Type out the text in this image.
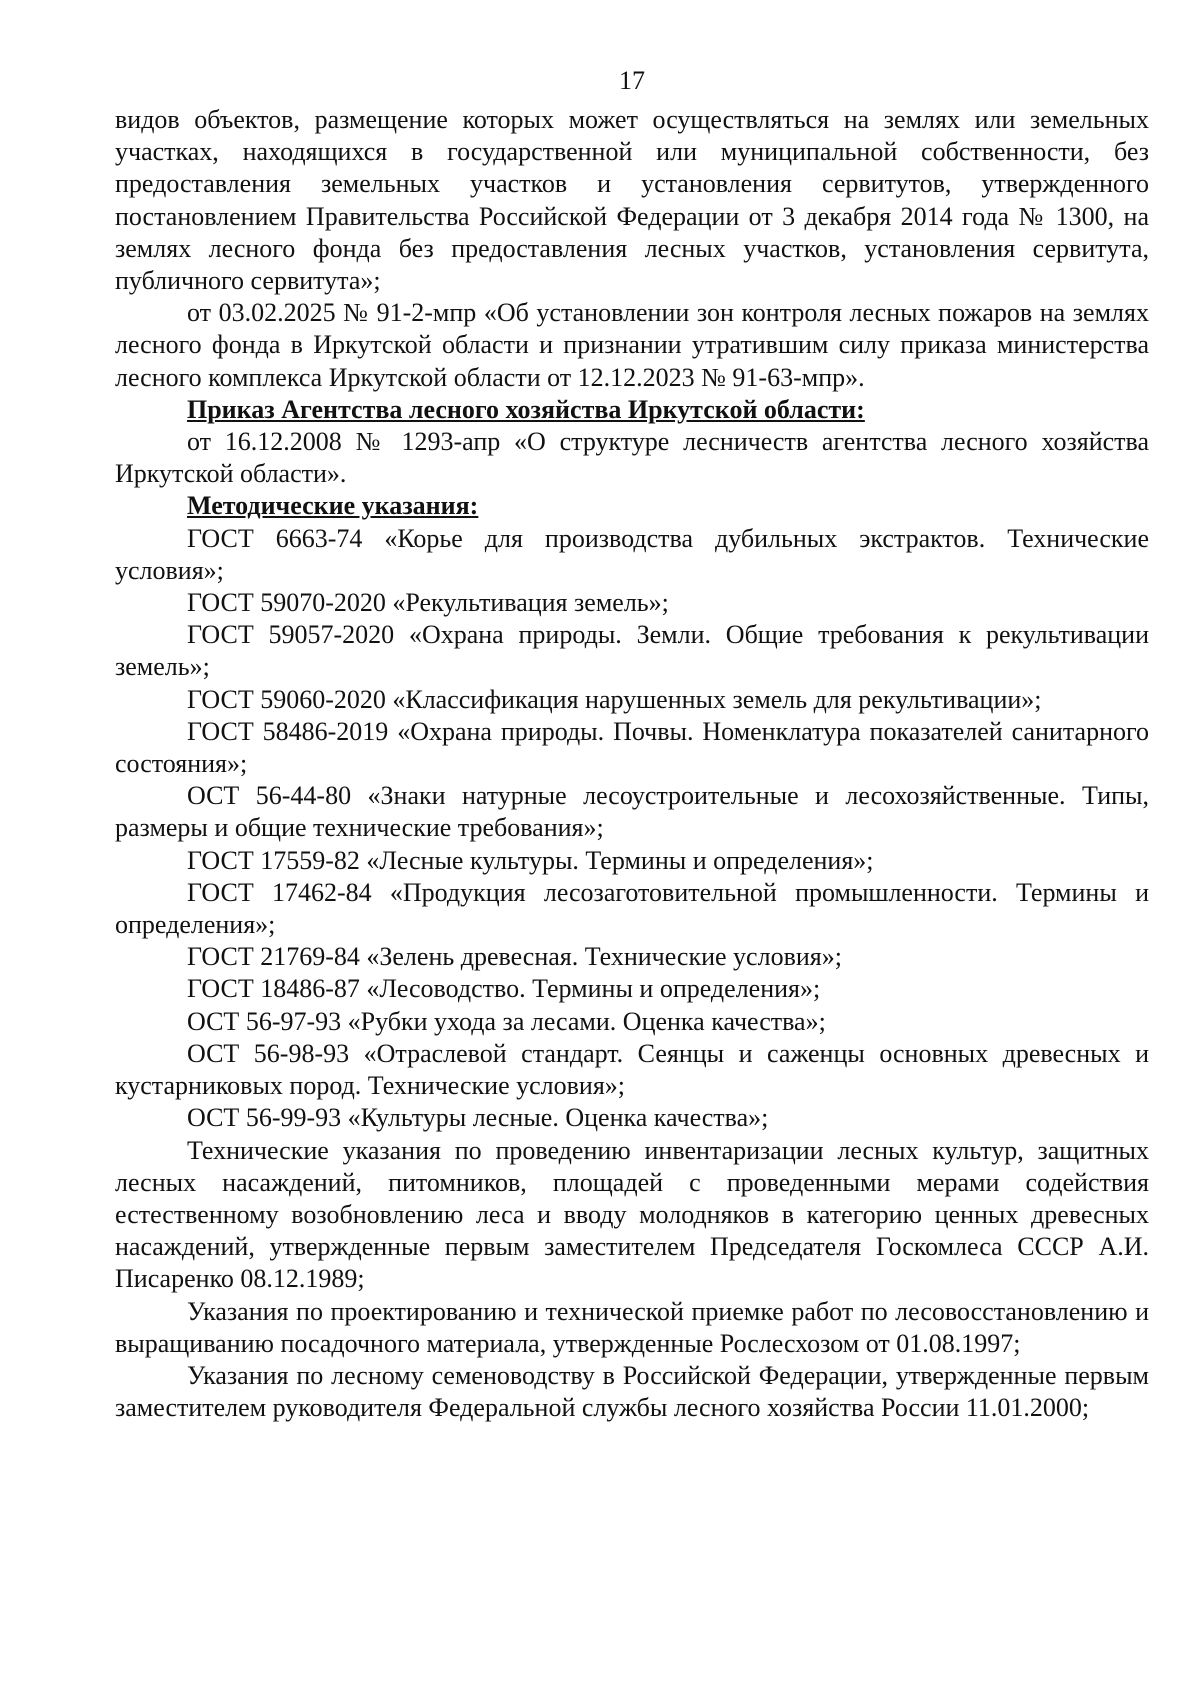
17

видов объектов, размещение которых может осуществляться на землях или земельных участках, находящихся в государственной или муниципальной собственности, без предоставления земельных участков и установления сервитутов, утвержденного постановлением Правительства Российской Федерации от 3 декабря 2014 года № 1300, на землях лесного фонда без предоставления лесных участков, установления сервитута, публичного сервитута»;

от 03.02.2025 № 91-2-мпр «Об установлении зон контроля лесных пожаров на землях лесного фонда в Иркутской области и признании утратившим силу приказа министерства лесного комплекса Иркутской области от 12.12.2023 № 91-63-мпр».

Приказ Агентства лесного хозяйства Иркутской области:

от 16.12.2008 № 1293-апр «О структуре лесничеств агентства лесного хозяйства Иркутской области».

Методические указания:

ГОСТ 6663-74 «Корье для производства дубильных экстрактов. Технические условия»;

ГОСТ 59070-2020 «Рекультивация земель»;

ГОСТ 59057-2020 «Охрана природы. Земли. Общие требования к рекультивации земель»;

ГОСТ 59060-2020 «Классификация нарушенных земель для рекультивации»;

ГОСТ 58486-2019 «Охрана природы. Почвы. Номенклатура показателей санитарного состояния»;

ОСТ 56-44-80 «Знаки натурные лесоустроительные и лесохозяйственные. Типы, размеры и общие технические требования»;

ГОСТ 17559-82 «Лесные культуры. Термины и определения»;

ГОСТ 17462-84 «Продукция лесозаготовительной промышленности. Термины и определения»;

ГОСТ 21769-84 «Зелень древесная. Технические условия»;

ГОСТ 18486-87 «Лесоводство. Термины и определения»;

ОСТ 56-97-93 «Рубки ухода за лесами. Оценка качества»;

ОСТ 56-98-93 «Отраслевой стандарт. Сеянцы и саженцы основных древесных и кустарниковых пород. Технические условия»;

ОСТ 56-99-93 «Культуры лесные. Оценка качества»;

Технические указания по проведению инвентаризации лесных культур, защитных лесных насаждений, питомников, площадей с проведенными мерами содействия естественному возобновлению леса и вводу молодняков в категорию ценных древесных насаждений, утвержденные первым заместителем Председателя Госкомлеса СССР А.И. Писаренко 08.12.1989;

Указания по проектированию и технической приемке работ по лесовосстановлению и выращиванию посадочного материала, утвержденные Рослесхозом от 01.08.1997;

Указания по лесному семеноводству в Российской Федерации, утвержденные первым заместителем руководителя Федеральной службы лесного хозяйства России 11.01.2000;
